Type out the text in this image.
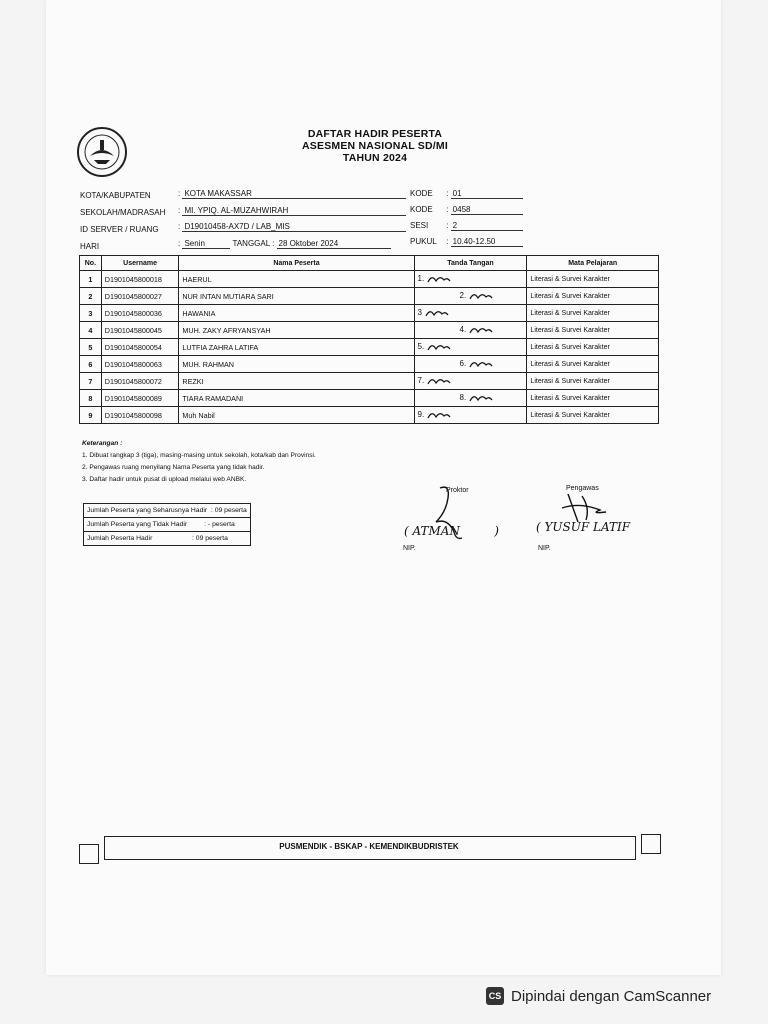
DAFTAR HADIR PESERTA
ASESMEN NASIONAL SD/MI
TAHUN 2024
KOTA/KABUPATEN	: KOTA MAKASSAR
SEKOLAH/MADRASAH : MI. YPIQ. AL-MUZAHWIRAH
ID SERVER / RUANG : D19010458-AX7D / LAB_MIS
HARI	: Senin	TANGGAL : 28 Oktober 2024
KODE : 01
KODE : 0458
SESI : 2
PUKUL : 10.40-12.50
No.	Username	Nama Peserta	Tanda Tangan	Mata Pelajaran
1	D1901045800018	HAERUL	1.	Literasi & Survei Karakter
2	D1901045800027	NUR INTAN MUTIARA SARI	2.	Literasi & Survei Karakter
3	D1901045800036	HAWANIA	3	Literasi & Survei Karakter
4	D1901045800045	MUH. ZAKY AFRYANSYAH	4.	Literasi & Survei Karakter
5	D1901045800054	LUTFIA ZAHRA LATIFA	5.	Literasi & Survei Karakter
6	D1901045800063	MUH. RAHMAN	6.	Literasi & Survei Karakter
7	D1901045800072	REZKI	7.	Literasi & Survei Karakter
8	D1901045800089	TIARA RAMADANI	8.	Literasi & Survei Karakter
9	D1901045800098	Muh Nabil	9.	Literasi & Survei Karakter
Keterangan :
1. Dibuat rangkap 3 (tiga), masing-masing untuk sekolah, kota/kab dan Provinsi.
2. Pengawas ruang menyilang Nama Peserta yang tidak hadir.
3. Daftar hadir untuk pusat di upload melalui web ANBK.
Jumlah Peserta yang Seharusnya Hadir  : 09 peserta
Jumlah Peserta yang Tidak Hadir         : - peserta
Jumlah Peserta Hadir                     : 09 peserta
Proktor
( ATMAN         )
NIP.
Pengawas
( YUSUF LATIF
NIP.
PUSMENDIK - BSKAP - KEMENDIKBUDRISTEK
CS Dipindai dengan CamScanner
